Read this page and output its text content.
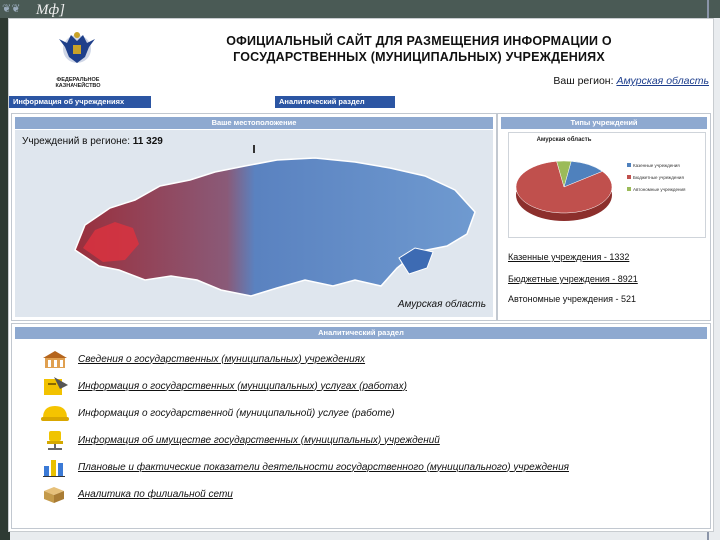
❦❦	Мф]
ФЕДЕРАЛЬНОЕ КАЗНАЧЕЙСТВО
ОФИЦИАЛЬНЫЙ САЙТ ДЛЯ РАЗМЕЩЕНИЯ ИНФОРМАЦИИ О
ГОСУДАРСТВЕННЫХ (МУНИЦИПАЛЬНЫХ) УЧРЕЖДЕНИЯХ
Ваш регион: Амурская область
Информация об учреждениях	Аналитический раздел
Ваше местоположение
Учреждений в регионе: 11 329
Амурская область
Типы учреждений
Амурская область
Казенные учреждения
Бюджетные учреждения
Автономные учреждения
Казенные учреждения - 1332
Бюджетные учреждения - 8921
Автономные учреждения - 521
Аналитический раздел
Сведения о государственных (муниципальных) учреждениях
Информация о государственных (муниципальных) услугах (работах)
Информация о государственной (муниципальной) услуге (работе)
Информация об имуществе государственных (муниципальных) учреждений
Плановые и фактические показатели деятельности государственного (муниципального) учреждения
Аналитика по филиальной сети
